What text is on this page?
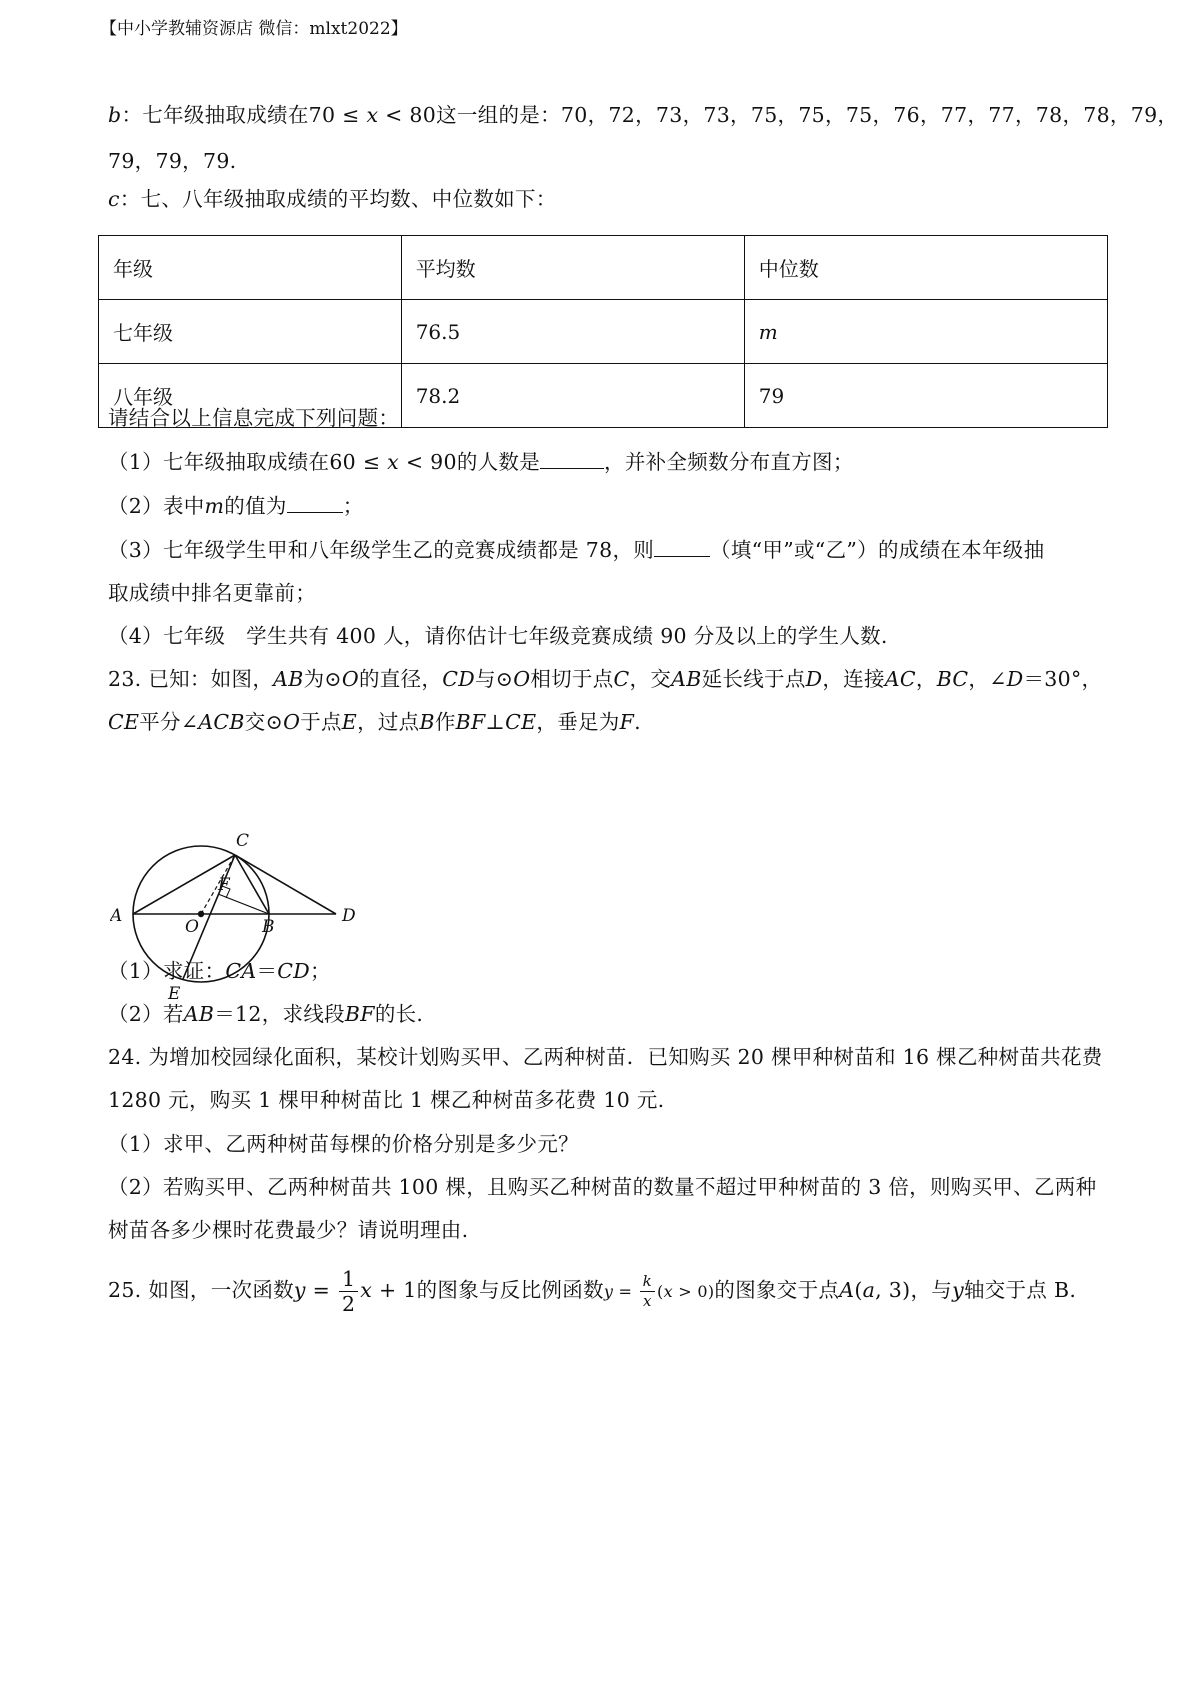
【中小学教辅资源店 微信：mlxt2022】
b：七年级抽取成绩在70 ≤ x < 80这一组的是：70，72，73，73，75，75，75，76，77，77，78，78，79，
79，79，79.
c：七、八年级抽取成绩的平均数、中位数如下：
年级	平均数	中位数
七年级	76.5	m
八年级	78.2	79
请结合以上信息完成下列问题：
（1）七年级抽取成绩在60 ≤ x < 90的人数是	，并补全频数分布直方图；
（2）表中m的值为	；
（3）七年级学生甲和八年级学生乙的竞赛成绩都是 78，则	（填“甲”或“乙”）的成绩在本年级抽
取成绩中排名更靠前；
（4）七年级　学生共有 400 人，请你估计七年级竞赛成绩 90 分及以上的学生人数.
23. 已知：如图，AB为⊙O的直径，CD与⊙O相切于点C，交AB延长线于点D，连接AC，BC，∠D＝30°，
CE平分∠ACB交⊙O于点E，过点B作BF⊥CE，垂足为F.
A
C
F
O	B
D
E
（1）求证：CA＝CD；
（2）若AB＝12，求线段BF的长.
24. 为增加校园绿化面积，某校计划购买甲、乙两种树苗．已知购买 20 棵甲种树苗和 16 棵乙种树苗共花费
1280 元，购买 1 棵甲种树苗比 1 棵乙种树苗多花费 10 元.
（1）求甲、乙两种树苗每棵的价格分别是多少元？
（2）若购买甲、乙两种树苗共 100 棵，且购买乙种树苗的数量不超过甲种树苗的 3 倍，则购买甲、乙两种
树苗各多少棵时花费最少？请说明理由.
25. 如图，一次函数$y = \frac{1}{2}$ x + 1的图象与反比例函数$y = \frac{k}{x} (x > 0)$的图象交于点A(a, 3)，与y轴交于点 B.
